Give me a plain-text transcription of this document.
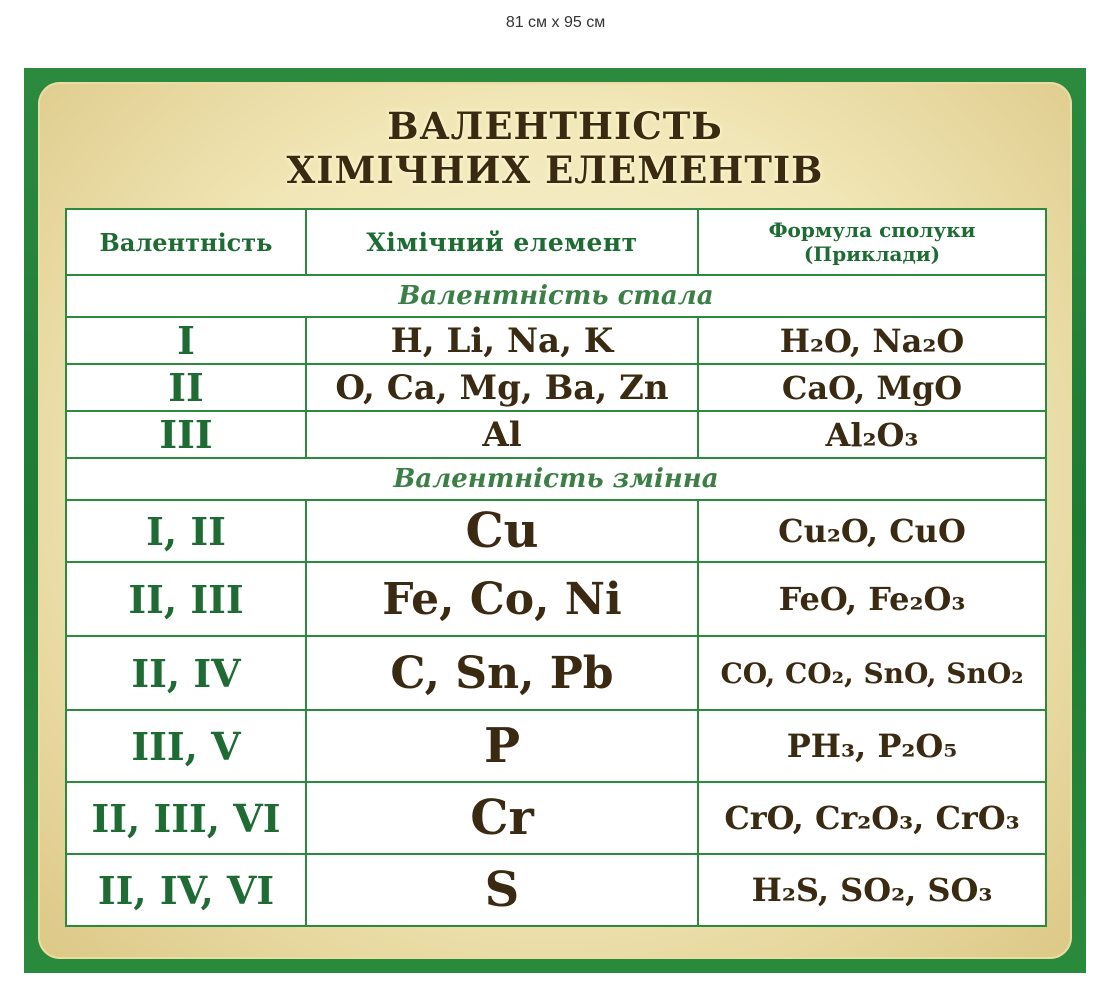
81 см x 95 см
ВАЛЕНТНІСТЬ
ХІМІЧНИХ ЕЛЕМЕНТІВ
Валентність	Хімічний елемент	Формула сполуки
(Приклади)

Валентність стала		
I	H, Li, Na, K	H₂O, Na₂O
II	O, Ca, Mg, Ba, Zn	CaO, MgO
III	Al	Al₂O₃
Валентність змінна		
I, II	Cu	Cu₂O, CuO
II, III	Fe, Co, Ni	FeO, Fe₂O₃
II, IV	C, Sn, Pb	CO, CO₂, SnO, SnO₂
III, V	P	PH₃, P₂O₅
II, III, VI	Cr	CrO, Cr₂O₃, CrO₃
II, IV, VI	S	H₂S, SO₂, SO₃
